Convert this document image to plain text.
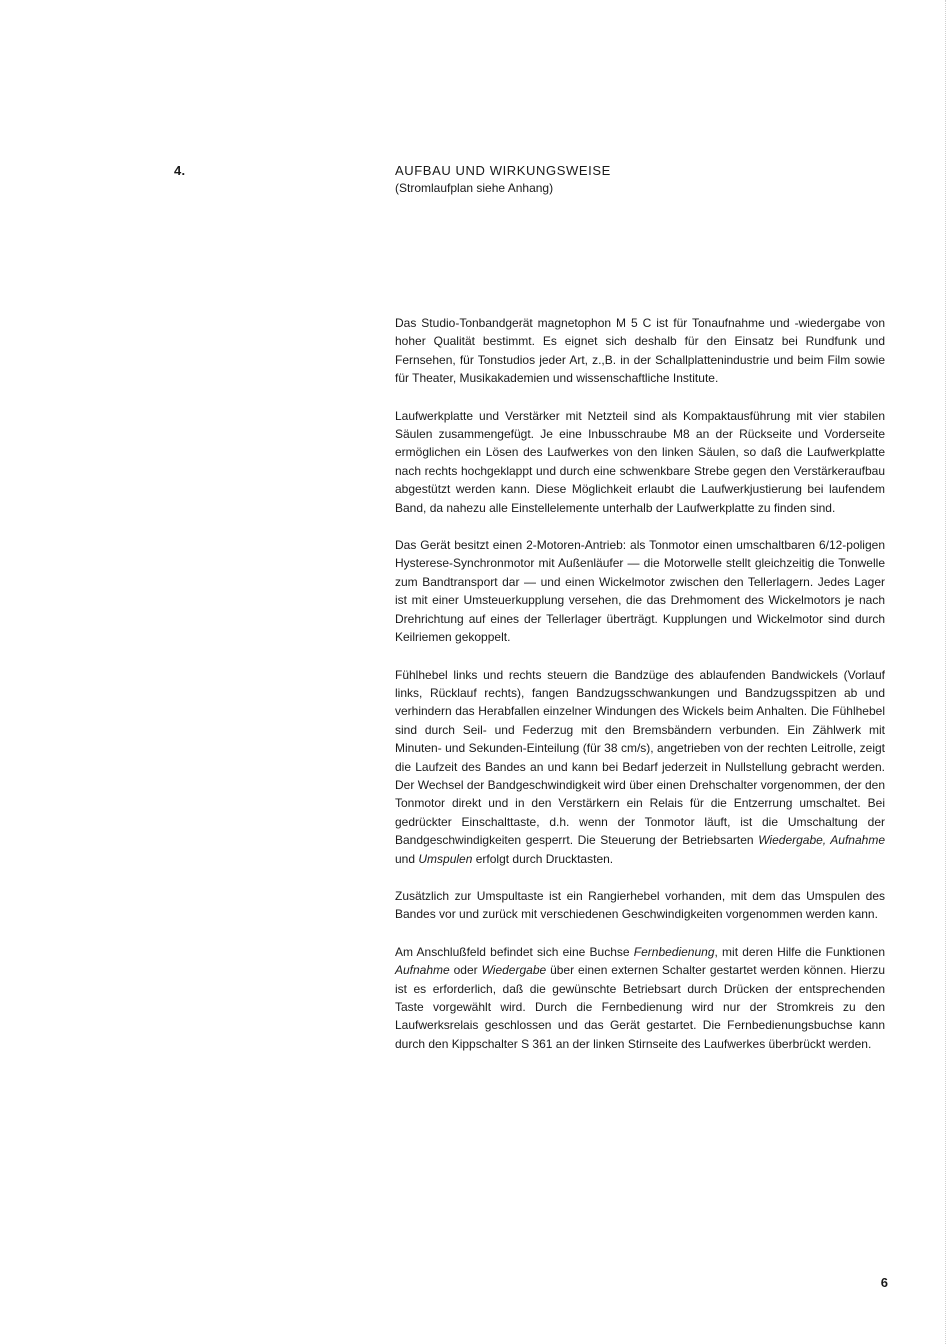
4.	AUFBAU UND WIRKUNGSWEISE
(Stromlaufplan siehe Anhang)

Das Studio-Tonbandgerät magnetophon M 5 C ist für Tonaufnahme und -wiedergabe von hoher Qualität bestimmt. Es eignet sich deshalb für den Einsatz bei Rundfunk und Fernsehen, für Tonstudios jeder Art, z.,B. in der Schallplattenindustrie und beim Film sowie für Theater, Musikakademien und wissenschaftliche Institute.

Laufwerkplatte und Verstärker mit Netzteil sind als Kompaktausführung mit vier stabilen Säulen zusammengefügt. Je eine Inbusschraube M8 an der Rückseite und Vorderseite ermöglichen ein Lösen des Laufwerkes von den linken Säulen, so daß die Laufwerkplatte nach rechts hochgeklappt und durch eine schwenkbare Strebe gegen den Verstärkeraufbau abgestützt werden kann. Diese Möglichkeit erlaubt die Laufwerkjustierung bei laufendem Band, da nahezu alle Einstellelemente unterhalb der Laufwerkplatte zu finden sind.

Das Gerät besitzt einen 2-Motoren-Antrieb: als Tonmotor einen umschaltbaren 6/12-poligen Hysterese-Synchronmotor mit Außenläufer — die Motorwelle stellt gleichzeitig die Tonwelle zum Bandtransport dar — und einen Wickelmotor zwischen den Tellerlagern. Jedes Lager ist mit einer Umsteuerkupplung versehen, die das Drehmoment des Wickelmotors je nach Drehrichtung auf eines der Tellerlager überträgt. Kupplungen und Wickelmotor sind durch Keilriemen gekoppelt.

Fühlhebel links und rechts steuern die Bandzüge des ablaufenden Bandwickels (Vorlauf links, Rücklauf rechts), fangen Bandzugsschwankungen und Bandzugsspitzen ab und verhindern das Herabfallen einzelner Windungen des Wickels beim Anhalten. Die Fühlhebel sind durch Seil- und Federzug mit den Bremsbändern verbunden. Ein Zählwerk mit Minuten- und Sekunden-Einteilung (für 38 cm/s), angetrieben von der rechten Leitrolle, zeigt die Laufzeit des Bandes an und kann bei Bedarf jederzeit in Nullstellung gebracht werden. Der Wechsel der Bandgeschwindigkeit wird über einen Drehschalter vorgenommen, der den Tonmotor direkt und in den Verstärkern ein Relais für die Entzerrung umschaltet. Bei gedrückter Einschalttaste, d.h. wenn der Tonmotor läuft, ist die Umschaltung der Bandgeschwindigkeiten gesperrt. Die Steuerung der Betriebsarten Wiedergabe, Aufnahme und Umspulen erfolgt durch Drucktasten.

Zusätzlich zur Umspultaste ist ein Rangierhebel vorhanden, mit dem das Umspulen des Bandes vor und zurück mit verschiedenen Geschwindigkeiten vorgenommen werden kann.

Am Anschlußfeld befindet sich eine Buchse Fernbedienung, mit deren Hilfe die Funktionen Aufnahme oder Wiedergabe über einen externen Schalter gestartet werden können. Hierzu ist es erforderlich, daß die gewünschte Betriebsart durch Drücken der entsprechenden Taste vorgewählt wird. Durch die Fernbedienung wird nur der Stromkreis zu den Laufwerksrelais geschlossen und das Gerät gestartet. Die Fernbedienungsbuchse kann durch den Kippschalter S 361 an der linken Stirnseite des Laufwerkes überbrückt werden.

6
